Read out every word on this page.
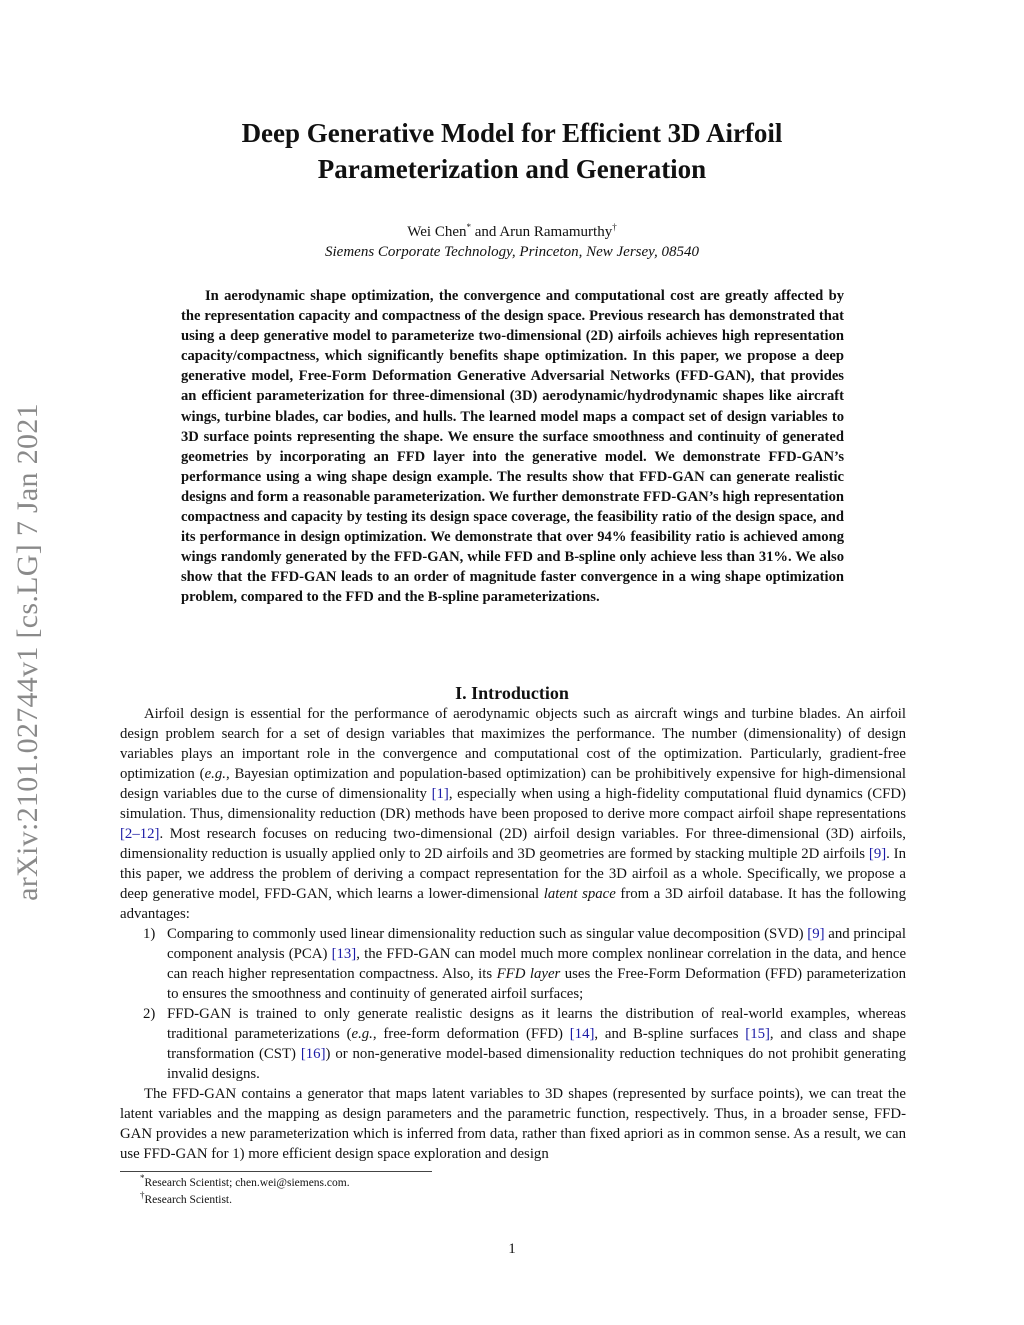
arXiv:2101.02744v1 [cs.LG] 7 Jan 2021
Deep Generative Model for Efficient 3D Airfoil
Parameterization and Generation
Wei Chen* and Arun Ramamurthy†
Siemens Corporate Technology, Princeton, New Jersey, 08540

In aerodynamic shape optimization, the convergence and computational cost are greatly affected by the representation capacity and compactness of the design space. Previous research has demonstrated that using a deep generative model to parameterize two-dimensional (2D) airfoils achieves high representation capacity/compactness, which significantly benefits shape optimization. In this paper, we propose a deep generative model, Free-Form Deformation Generative Adversarial Networks (FFD-GAN), that provides an efficient parameterization for three-dimensional (3D) aerodynamic/hydrodynamic shapes like aircraft wings, turbine blades, car bodies, and hulls. The learned model maps a compact set of design variables to 3D surface points representing the shape. We ensure the surface smoothness and continuity of generated geometries by incorporating an FFD layer into the generative model. We demonstrate FFD-GAN’s performance using a wing shape design example. The results show that FFD-GAN can generate realistic designs and form a reasonable parameterization. We further demonstrate FFD-GAN’s high representation compactness and capacity by testing its design space coverage, the feasibility ratio of the design space, and its performance in design optimization. We demonstrate that over 94% feasibility ratio is achieved among wings randomly generated by the FFD-GAN, while FFD and B-spline only achieve less than 31%. We also show that the FFD-GAN leads to an order of magnitude faster convergence in a wing shape optimization problem, compared to the FFD and the B-spline parameterizations.

I. Introduction

Airfoil design is essential for the performance of aerodynamic objects such as aircraft wings and turbine blades. An airfoil design problem search for a set of design variables that maximizes the performance. The number (dimensionality) of design variables plays an important role in the convergence and computational cost of the optimization. Particularly, gradient-free optimization (e.g., Bayesian optimization and population-based optimization) can be prohibitively expensive for high-dimensional design variables due to the curse of dimensionality [1], especially when using a high-fidelity computational fluid dynamics (CFD) simulation. Thus, dimensionality reduction (DR) methods have been proposed to derive more compact airfoil shape representations [2–12]. Most research focuses on reducing two-dimensional (2D) airfoil design variables. For three-dimensional (3D) airfoils, dimensionality reduction is usually applied only to 2D airfoils and 3D geometries are formed by stacking multiple 2D airfoils [9]. In this paper, we address the problem of deriving a compact representation for the 3D airfoil as a whole. Specifically, we propose a deep generative model, FFD-GAN, which learns a lower-dimensional latent space from a 3D airfoil database. It has the following advantages:

1) Comparing to commonly used linear dimensionality reduction such as singular value decomposition (SVD) [9] and principal component analysis (PCA) [13], the FFD-GAN can model much more complex nonlinear correlation in the data, and hence can reach higher representation compactness. Also, its FFD layer uses the Free-Form Deformation (FFD) parameterization to ensures the smoothness and continuity of generated airfoil surfaces;
2) FFD-GAN is trained to only generate realistic designs as it learns the distribution of real-world examples, whereas traditional parameterizations (e.g., free-form deformation (FFD) [14], and B-spline surfaces [15], and class and shape transformation (CST) [16]) or non-generative model-based dimensionality reduction techniques do not prohibit generating invalid designs.

The FFD-GAN contains a generator that maps latent variables to 3D shapes (represented by surface points), we can treat the latent variables and the mapping as design parameters and the parametric function, respectively. Thus, in a broader sense, FFD-GAN provides a new parameterization which is inferred from data, rather than fixed apriori as in common sense. As a result, we can use FFD-GAN for 1) more efficient design space exploration and design

*Research Scientist; chen.wei@siemens.com.
†Research Scientist.
1
